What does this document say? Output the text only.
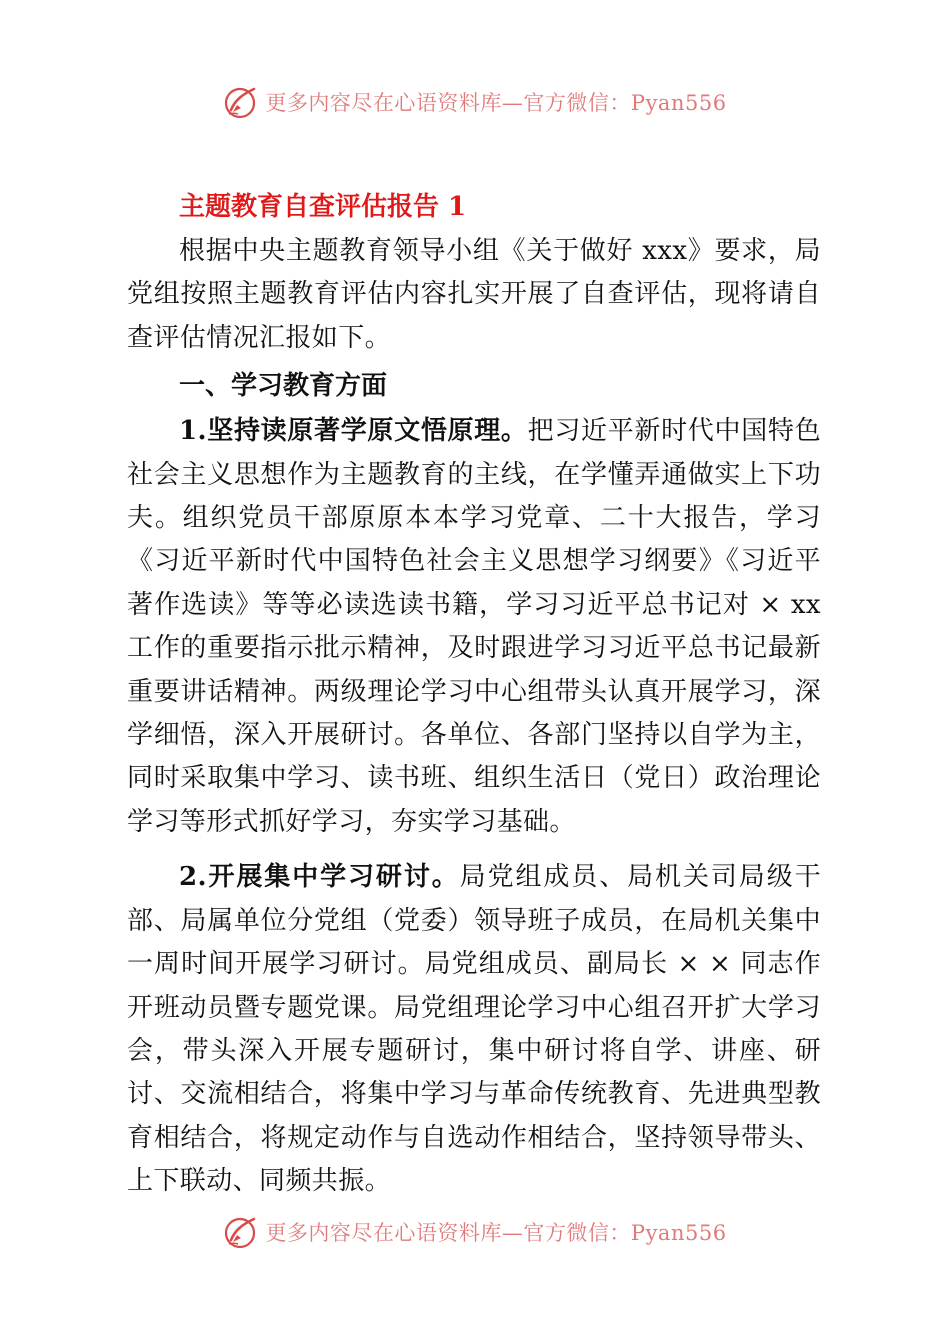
更多内容尽在心语资料库—官方微信：Pyan556
主题教育自查评估报告 1

根据中央主题教育领导小组《关于做好 xxx》要求，局党组按照主题教育评估内容扎实开展了自查评估，现将请自查评估情况汇报如下。

一、学习教育方面

1.坚持读原著学原文悟原理。把习近平新时代中国特色社会主义思想作为主题教育的主线，在学懂弄通做实上下功夫。组织党员干部原原本本学习党章、二十大报告，学习《习近平新时代中国特色社会主义思想学习纲要》《习近平著作选读》等等必读选读书籍，学习习近平总书记对 × xx 工作的重要指示批示精神，及时跟进学习习近平总书记最新重要讲话精神。两级理论学习中心组带头认真开展学习，深学细悟，深入开展研讨。各单位、各部门坚持以自学为主，同时采取集中学习、读书班、组织生活日（党日）政治理论学习等形式抓好学习，夯实学习基础。

2.开展集中学习研讨。局党组成员、局机关司局级干部、局属单位分党组（党委）领导班子成员，在局机关集中一周时间开展学习研讨。局党组成员、副局长 × × 同志作开班动员暨专题党课。局党组理论学习中心组召开扩大学习会，带头深入开展专题研讨，集中研讨将自学、讲座、研讨、交流相结合，将集中学习与革命传统教育、先进典型教育相结合，将规定动作与自选动作相结合，坚持领导带头、上下联动、同频共振。

更多内容尽在心语资料库—官方微信：Pyan556
